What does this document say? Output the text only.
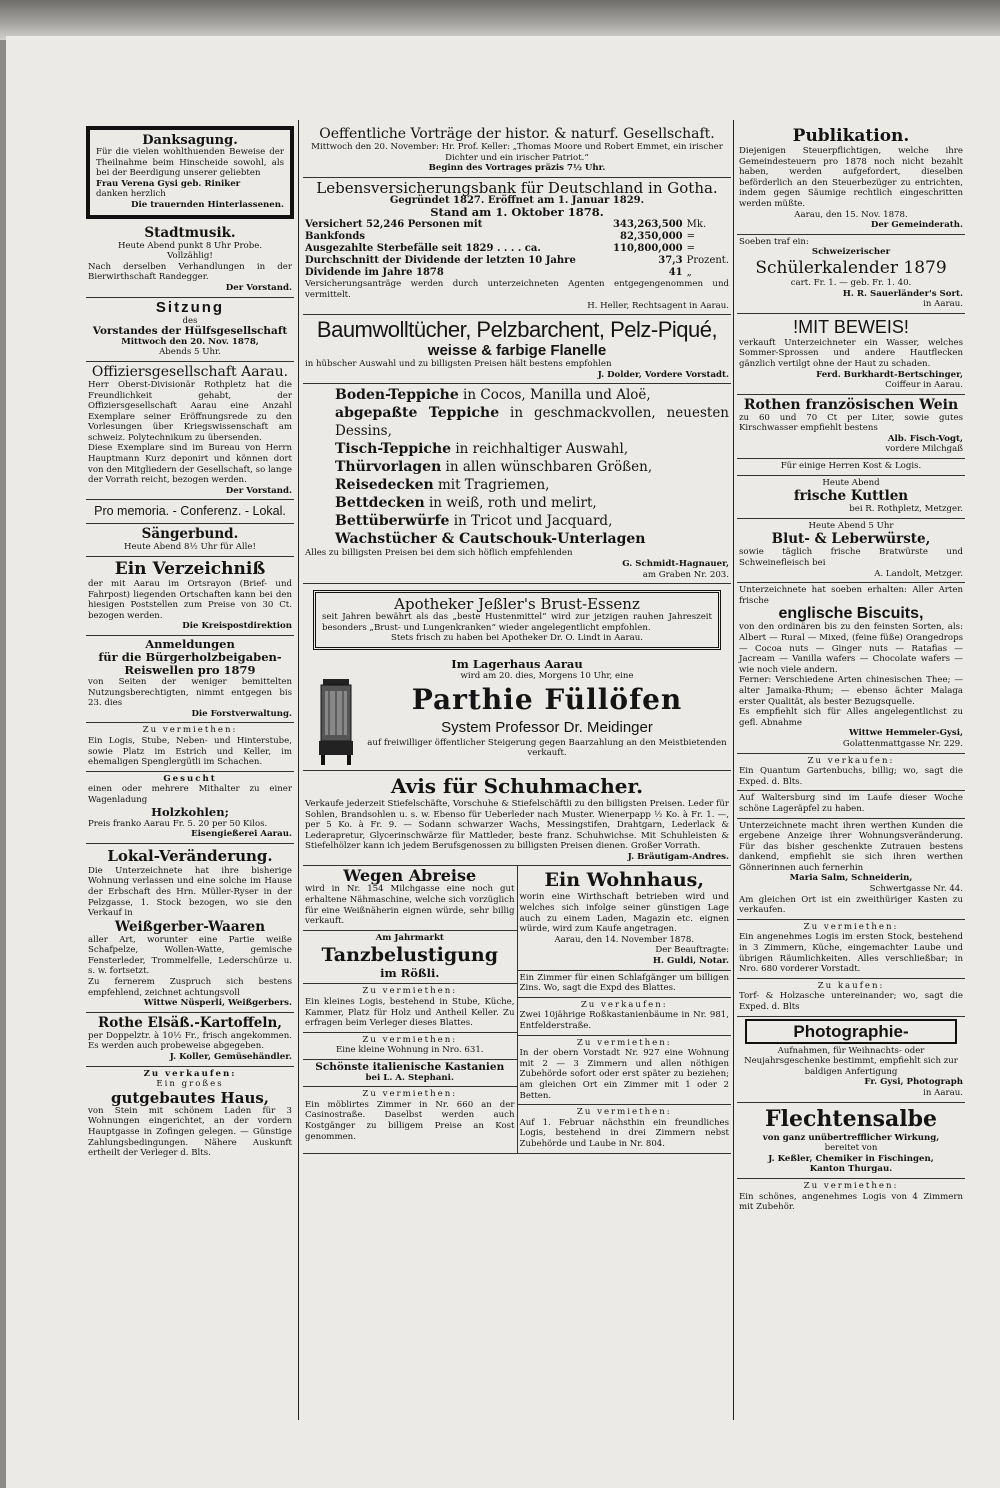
Danksagung.
Für die vielen wohlthuenden Beweise der Theilnahme beim Hinscheide sowohl, als bei der Beerdigung unserer geliebten
Frau Verena Gysi geb. Riniker
danken herzlich
Die trauernden Hinterlassenen.
Stadtmusik.
Heute Abend punkt 8 Uhr Probe.
Vollzählig!
Nach derselben Verhandlungen in der Bierwirthschaft Randegger.
Der Vorstand.
Sitzung
des
Vorstandes der Hülfsgesellschaft
Mittwoch den 20. Nov. 1878,
Abends 5 Uhr.
Offiziersgesellschaft Aarau.
Herr Oberst-Divisionär Rothpletz hat die Freundlichkeit gehabt, der Offiziersgesellschaft Aarau eine Anzahl Exemplare seiner Eröffnungsrede zu den Vorlesungen über Kriegswissenschaft am schweiz. Polytechnikum zu übersenden.
Diese Exemplare sind im Bureau von Herrn Hauptmann Kurz deponirt und können dort von den Mitgliedern der Gesellschaft, so lange der Vorrath reicht, bezogen werden.
Der Vorstand.
Pro memoria. - Conferenz. - Lokal.
Sängerbund.
Heute Abend 8½ Uhr für Alle!
Ein Verzeichniß
der mit Aarau im Ortsrayon (Brief- und Fahrpost) liegenden Ortschaften kann bei den hiesigen Poststellen zum Preise von 30 Ct. bezogen werden.
Die Kreispostdirektion
Anmeldungen
für die Bürgerholzbeigaben-Reiswellen pro 1879
von Seiten der weniger bemittelten Nutzungsberechtigten, nimmt entgegen bis 23. dies
Die Forstverwaltung.
Zu vermiethen:
Ein Logis, Stube, Neben- und Hinterstube, sowie Platz im Estrich und Keller, im ehemaligen Spenglergütli im Schachen.
Gesucht
einen oder mehrere Mithalter zu einer Wagenladung
Holzkohlen;
Preis franko Aarau Fr. 5. 20 per 50 Kilos.
Eisengießerei Aarau.
Lokal-Veränderung.
Die Unterzeichnete hat ihre bisherige Wohnung verlassen und eine solche im Hause der Erbschaft des Hrn. Müller-Ryser in der Pelzgasse, 1. Stock bezogen, wo sie den Verkauf in
Weißgerber-Waaren
aller Art, worunter eine Partie weiße Schafpelze, Wollen-Watte, gemische Fensterleder, Trommelfelle, Lederschürze u. s. w. fortsetzt.
Zu fernerem Zuspruch sich bestens empfehlend, zeichnet achtungsvoll
Wittwe Nüsperli, Weißgerbers.
Rothe Elsäß.-Kartoffeln,
per Doppelztr. à 10½ Fr., frisch angekommen. Es werden auch probeweise abgegeben.
J. Koller, Gemüsehändler.
Zu verkaufen:
Ein großes
gutgebautes Haus,
von Stein mit schönem Laden für 3 Wohnungen eingerichtet, an der vordern Hauptgasse in Zofingen gelegen. — Günstige Zahlungsbedingungen. Nähere Auskunft ertheilt der Verleger d. Blts.
Oeffentliche Vorträge der histor. & naturf. Gesellschaft.
Mittwoch den 20. November: Hr. Prof. Keller: „Thomas Moore und Robert Emmet, ein irischer Dichter und ein irischer Patriot.“
Beginn des Vortrages präzis 7½ Uhr.
Lebensversicherungsbank für Deutschland in Gotha.
Gegründet 1827. Eröffnet am 1. Januar 1829.
Stand am 1. Oktober 1878.
Versichert 52,246 Personen mit	343,263,500	Mk.
Bankfonds	82,350,000	=
Ausgezahlte Sterbefälle seit 1829 . . . . ca.	110,800,000	=
Durchschnitt der Dividende der letzten 10 Jahre	37,3	Prozent.
Dividende im Jahre 1878	41	„
Versicherungsanträge werden durch unterzeichneten Agenten entgegengenommen und vermittelt.
H. Heller, Rechtsagent in Aarau.
Baumwolltücher, Pelzbarchent, Pelz-Piqué,
weisse & farbige Flanelle
in hübscher Auswahl und zu billigsten Preisen hält bestens empfohlen
J. Dolder, Vordere Vorstadt.
Boden-Teppiche in Cocos, Manilla und Aloë,
abgepaßte Teppiche in geschmackvollen, neuesten Dessins,
Tisch-Teppiche in reichhaltiger Auswahl,
Thürvorlagen in allen wünschbaren Größen,
Reisedecken mit Tragriemen,
Bettdecken in weiß, roth und melirt,
Bettüberwürfe in Tricot und Jacquard,
Wachstücher & Cautschouk-Unterlagen
Alles zu billigsten Preisen bei dem sich höflich empfehlenden
G. Schmidt-Hagnauer,
am Graben Nr. 203.
Apotheker Jeßler's Brust-Essenz
seit Jahren bewährt als das „beste Hustenmittel“ wird zur jetzigen rauhen Jahreszeit besonders „Brust- und Lungenkranken“ wieder angelegentlicht empfohlen.
Stets frisch zu haben bei Apotheker Dr. O. Lindt in Aarau.
Im Lagerhaus Aarau
wird am 20. dies, Morgens 10 Uhr, eine
Parthie Füllöfen
System Professor Dr. Meidinger
auf freiwilliger öffentlicher Steigerung gegen Baarzahlung an den Meistbietenden verkauft.
Avis für Schuhmacher.
Verkaufe jederzeit Stiefelschäfte, Vorschuhe & Stiefelschäftli zu den billigsten Preisen. Leder für Sohlen, Brandsohlen u. s. w. Ebenso für Ueberleder nach Muster. Wienerpapp ½ Ko. à Fr. 1. —, per 5 Ko. à Fr. 9. — Sodann schwarzer Wachs, Messingstifen, Drahtgarn, Lederlack & Lederapretur, Glycerinschwärze für Mattleder, beste franz. Schuhwichse. Mit Schuhleisten & Stiefelhölzer kann ich jedem Berufsgenossen zu billigsten Preisen dienen. Großer Vorrath.
J. Bräutigam-Andres.
Wegen Abreise
wird in Nr. 154 Milchgasse eine noch gut erhaltene Nähmaschine, welche sich vorzüglich für eine Weißnäherin eignen würde, sehr billig verkauft.
Am Jahrmarkt
Tanzbelustigung
im Rößli.
Zu vermiethen:
Ein kleines Logis, bestehend in Stube, Küche, Kammer, Platz für Holz und Antheil Keller. Zu erfragen beim Verleger dieses Blattes.
Zu vermiethen:
Eine kleine Wohnung in Nro. 631.
Schönste italienische Kastanien
bei L. A. Stephani.
Zu vermiethen:
Ein möblirtes Zimmer in Nr. 660 an der Casinostraße. Daselbst werden auch Kostgänger zu billigem Preise an Kost genommen.
Ein Wohnhaus,
worin eine Wirthschaft betrieben wird und welches sich infolge seiner günstigen Lage auch zu einem Laden, Magazin etc. eignen würde, wird zum Kaufe angetragen.
Aarau, den 14. November 1878.
Der Beauftragte:
H. Guldi, Notar.
Ein Zimmer für einen Schlafgänger um billigen Zins. Wo, sagt die Expd des Blattes.
Zu verkaufen:
Zwei 10jährige Roßkastanienbäume in Nr. 981, Entfelderstraße.
Zu vermiethen:
In der obern Vorstadt Nr. 927 eine Wohnung mit 2 — 3 Zimmern und allen nöthigen Zubehörde sofort oder erst später zu beziehen; am gleichen Ort ein Zimmer mit 1 oder 2 Betten.
Zu vermiethen:
Auf 1. Februar nächsthin ein freundliches Logis, bestehend in drei Zimmern nebst Zubehörde und Laube in Nr. 804.
Publikation.
Diejenigen Steuerpflichtigen, welche ihre Gemeindesteuern pro 1878 noch nicht bezahlt haben, werden aufgefordert, dieselben beförderlich an den Steuerbezüger zu entrichten, indem gegen Säumige rechtlich eingeschritten werden müßte.
Aarau, den 15. Nov. 1878.
Der Gemeinderath.
Soeben traf ein:
Schweizerischer
Schülerkalender 1879
cart. Fr. 1. — geb. Fr. 1. 40.
H. R. Sauerländer's Sort.
in Aarau.
!MIT BEWEIS!
verkauft Unterzeichneter ein Wasser, welches Sommer-Sprossen und andere Hautflecken gänzlich vertilgt ohne der Haut zu schaden.
Ferd. Burkhardt-Bertschinger,
Coiffeur in Aarau.
Rothen französischen Wein
zu 60 und 70 Ct per Liter, sowie gutes Kirschwasser empfiehlt bestens
Alb. Fisch-Vogt,
vordere Milchgaß
Für einige Herren Kost & Logis.
Heute Abend
frische Kuttlen
bei R. Rothpletz, Metzger.
Heute Abend 5 Uhr
Blut- & Leberwürste,
sowie täglich frische Bratwürste und Schweinefleisch bei
A. Landolt, Metzger.
Unterzeichnete hat soeben erhalten: Aller Arten frische
englische Biscuits,
von den ordinären bis zu den feinsten Sorten, als: Albert — Rural — Mixed, (feine füße) Orangedrops — Cocoa nuts — Ginger nuts — Ratafias — Jacream — Vanilla wafers — Chocolate wafers — wie noch viele andern.
Ferner: Verschiedene Arten chinesischen Thee; — alter Jamaika-Rhum; — ebenso ächter Malaga erster Qualität, als bester Bezugsquelle.
Es empfiehlt sich für Alles angelegentlichst zu gefl. Abnahme
Wittwe Hemmeler-Gysi,
Golattenmattgasse Nr. 229.
Zu verkaufen:
Ein Quantum Gartenbuchs, billig; wo, sagt die Exped. d. Blts.
Auf Waltersburg sind im Laufe dieser Woche schöne Lageräpfel zu haben.
Unterzeichnete macht ihren werthen Kunden die ergebene Anzeige ihrer Wohnungsveränderung. Für das bisher geschenkte Zutrauen bestens dankend, empfiehlt sie sich ihren werthen Gönnerinnen auch fernerhin
Maria Salm, Schneiderin,
Schwertgasse Nr. 44.
Am gleichen Ort ist ein zweithüriger Kasten zu verkaufen.
Zu vermiethen:
Ein angenehmes Logis im ersten Stock, bestehend in 3 Zimmern, Küche, eingemachter Laube und übrigen Räumlichkeiten. Alles verschließbar; in Nro. 680 vorderer Vorstadt.
Zu kaufen:
Torf- & Holzasche untereinander; wo, sagt die Exped. d. Blts
Photographie-
Aufnahmen, für Weihnachts- oder Neujahrsgeschenke bestimmt, empfiehlt sich zur baldigen Anfertigung
Fr. Gysi, Photograph
in Aarau.
Flechtensalbe
von ganz unübertrefflicher Wirkung,
bereitet von
J. Keßler, Chemiker in Fischingen,
Kanton Thurgau.
Zu vermiethen:
Ein schönes, angenehmes Logis von 4 Zimmern mit Zubehör.
